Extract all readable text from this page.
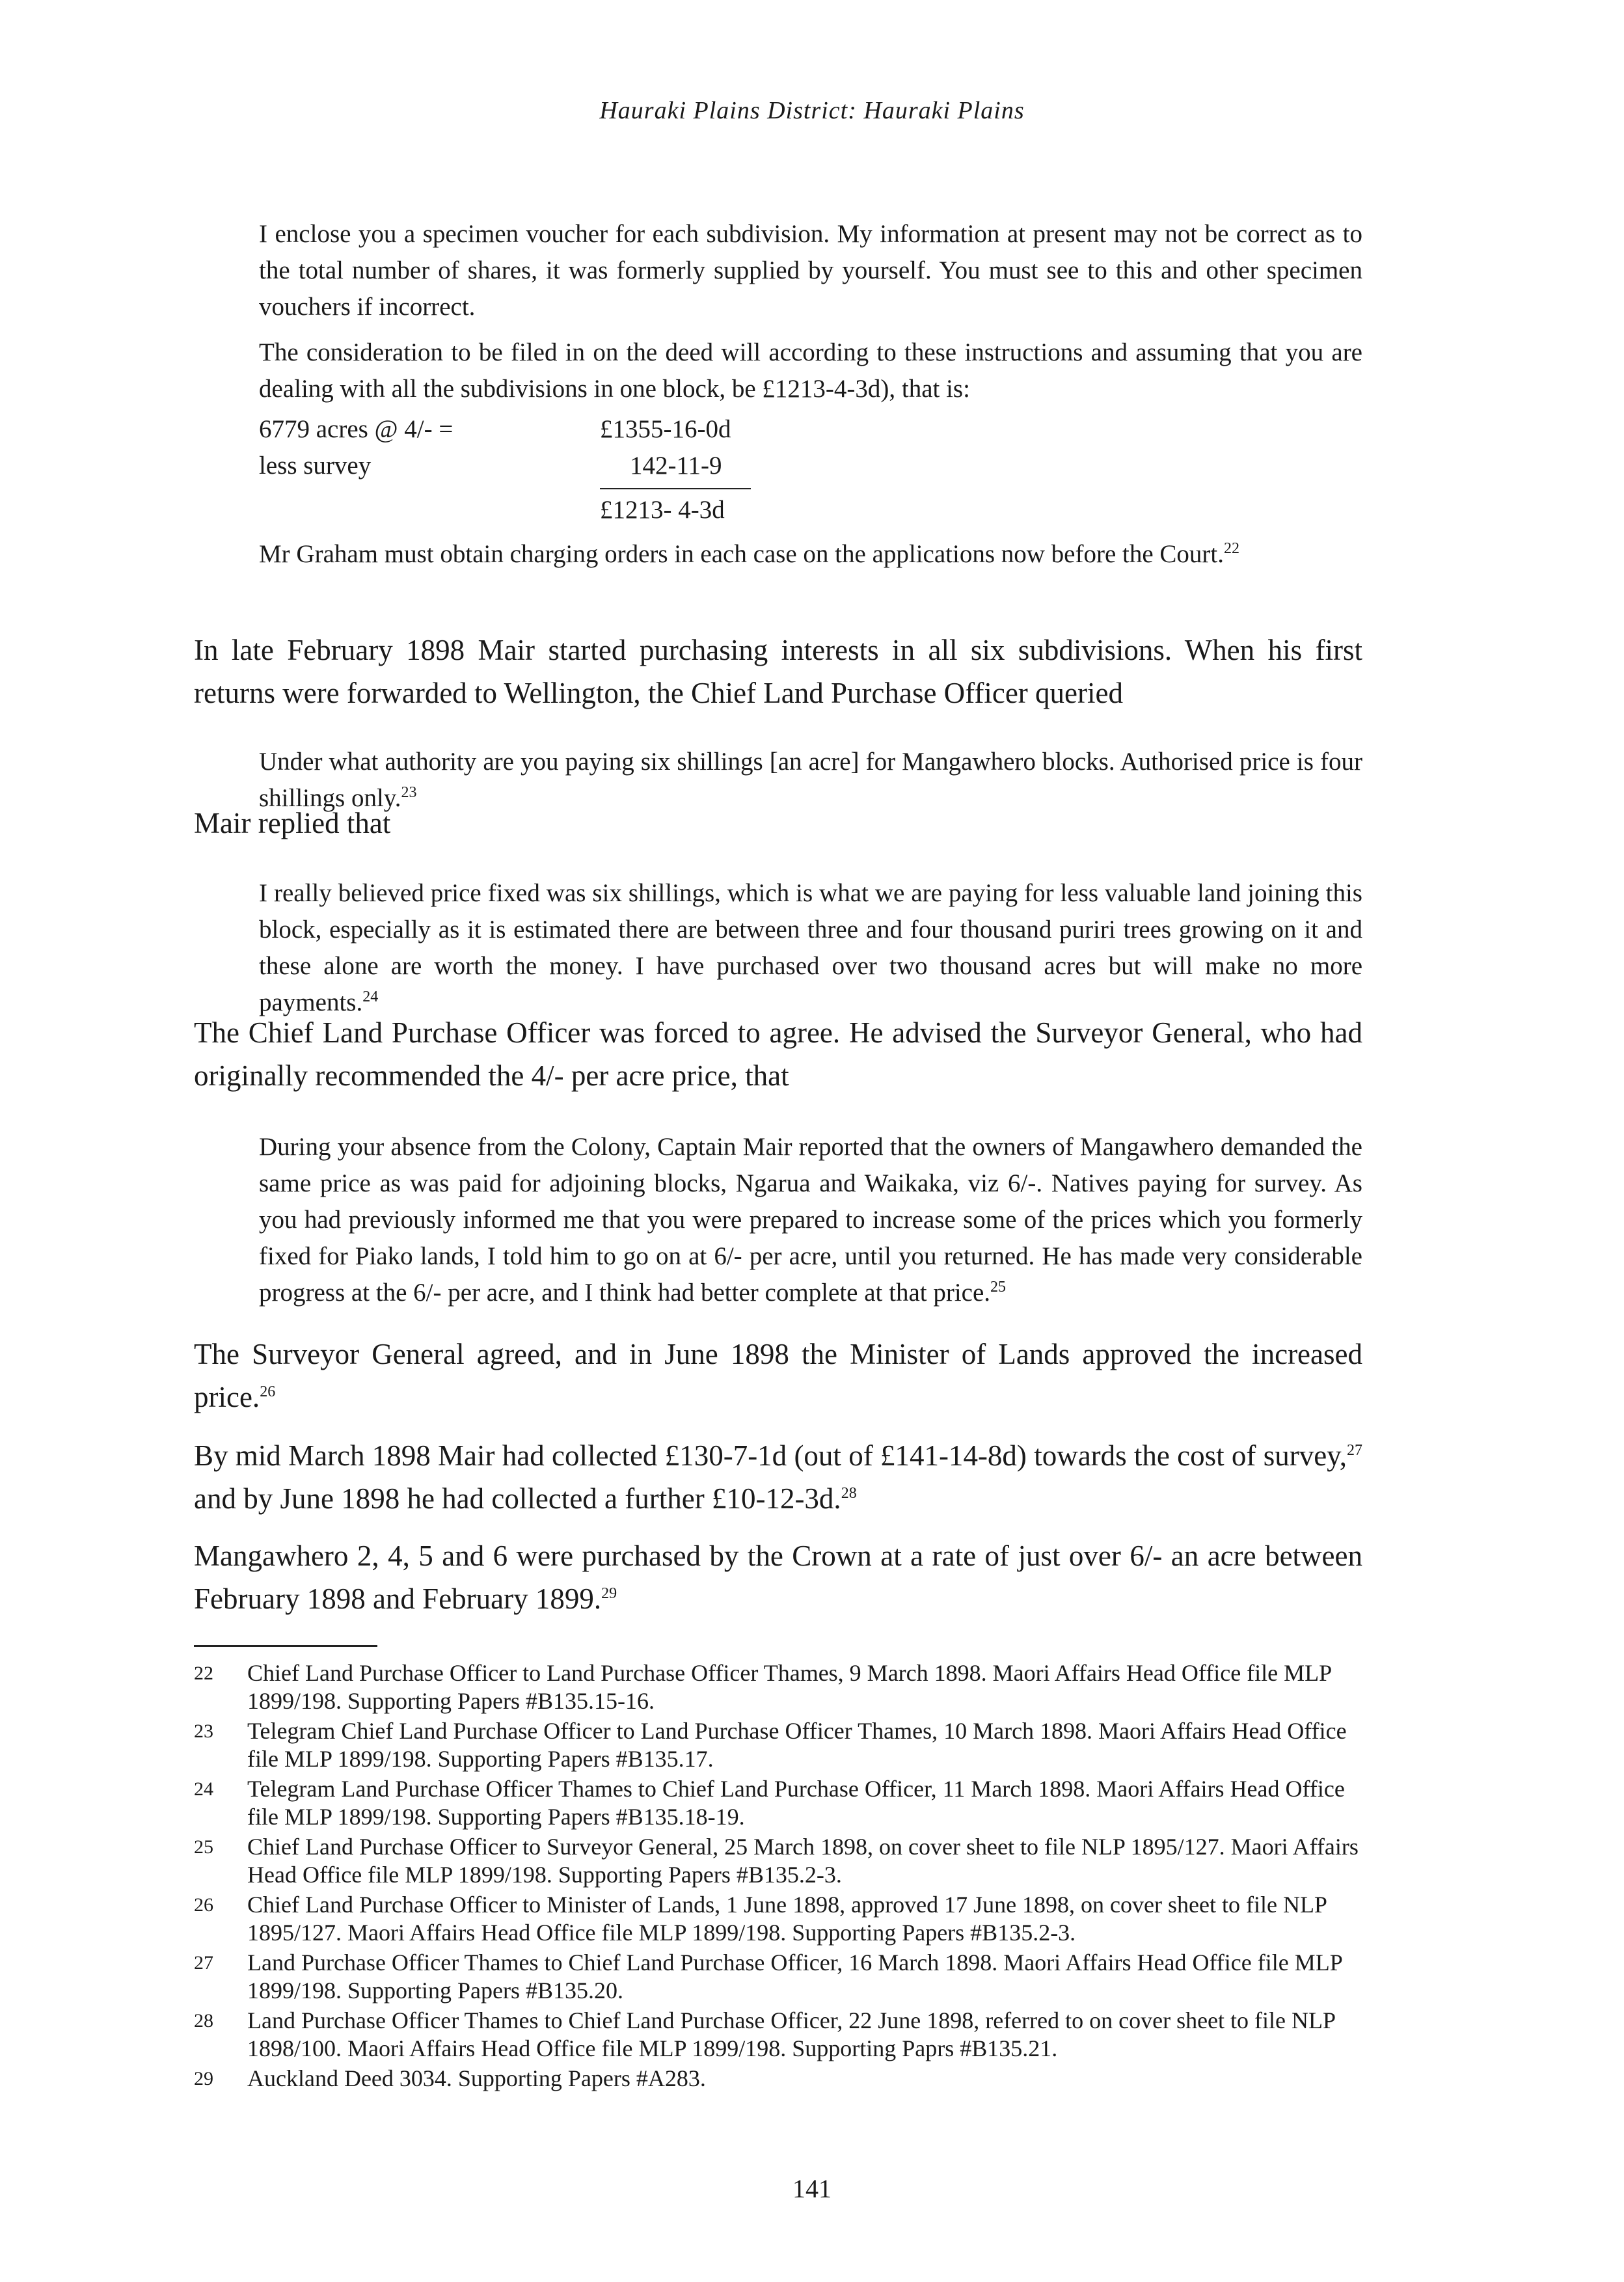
Hauraki Plains District: Hauraki Plains

I enclose you a specimen voucher for each subdivision. My information at present may not be correct as to the total number of shares, it was formerly supplied by yourself. You must see to this and other specimen vouchers if incorrect.

The consideration to be filed in on the deed will according to these instructions and assuming that you are dealing with all the subdivisions in one block, be £1213-4-3d), that is:

6779 acres @ 4/- =	£1355-16-0d
less survey	142-11-9
£1213- 4-3d

Mr Graham must obtain charging orders in each case on the applications now before the Court.$^{22}$

In late February 1898 Mair started purchasing interests in all six subdivisions. When his first returns were forwarded to Wellington, the Chief Land Purchase Officer queried

Under what authority are you paying six shillings [an acre] for Mangawhero blocks. Authorised price is four shillings only.$^{23}$

Mair replied that

I really believed price fixed was six shillings, which is what we are paying for less valuable land joining this block, especially as it is estimated there are between three and four thousand puriri trees growing on it and these alone are worth the money. I have purchased over two thousand acres but will make no more payments.$^{24}$

The Chief Land Purchase Officer was forced to agree. He advised the Surveyor General, who had originally recommended the 4/- per acre price, that

During your absence from the Colony, Captain Mair reported that the owners of Mangawhero demanded the same price as was paid for adjoining blocks, Ngarua and Waikaka, viz 6/-. Natives paying for survey. As you had previously informed me that you were prepared to increase some of the prices which you formerly fixed for Piako lands, I told him to go on at 6/- per acre, until you returned. He has made very considerable progress at the 6/- per acre, and I think had better complete at that price.$^{25}$

The Surveyor General agreed, and in June 1898 the Minister of Lands approved the increased price.$^{26}$

By mid March 1898 Mair had collected £130-7-1d (out of £141-14-8d) towards the cost of survey,$^{27}$ and by June 1898 he had collected a further £10-12-3d.$^{28}$

Mangawhero 2, 4, 5 and 6 were purchased by the Crown at a rate of just over 6/- an acre between February 1898 and February 1899.29

22 Chief Land Purchase Officer to Land Purchase Officer Thames, 9 March 1898. Maori Affairs Head Office file MLP 1899/198. Supporting Papers #B135.15-16.
23 Telegram Chief Land Purchase Officer to Land Purchase Officer Thames, 10 March 1898. Maori Affairs Head Office file MLP 1899/198. Supporting Papers #B135.17.
24 Telegram Land Purchase Officer Thames to Chief Land Purchase Officer, 11 March 1898. Maori Affairs Head Office file MLP 1899/198. Supporting Papers #B135.18-19.
25 Chief Land Purchase Officer to Surveyor General, 25 March 1898, on cover sheet to file NLP 1895/127. Maori Affairs Head Office file MLP 1899/198. Supporting Papers #B135.2-3.
26 Chief Land Purchase Officer to Minister of Lands, 1 June 1898, approved 17 June 1898, on cover sheet to file NLP 1895/127. Maori Affairs Head Office file MLP 1899/198. Supporting Papers #B135.2-3.
27 Land Purchase Officer Thames to Chief Land Purchase Officer, 16 March 1898. Maori Affairs Head Office file MLP 1899/198. Supporting Papers #B135.20.
28 Land Purchase Officer Thames to Chief Land Purchase Officer, 22 June 1898, referred to on cover sheet to file NLP 1898/100. Maori Affairs Head Office file MLP 1899/198. Supporting Paprs #B135.21.
29 Auckland Deed 3034. Supporting Papers #A283.
141
